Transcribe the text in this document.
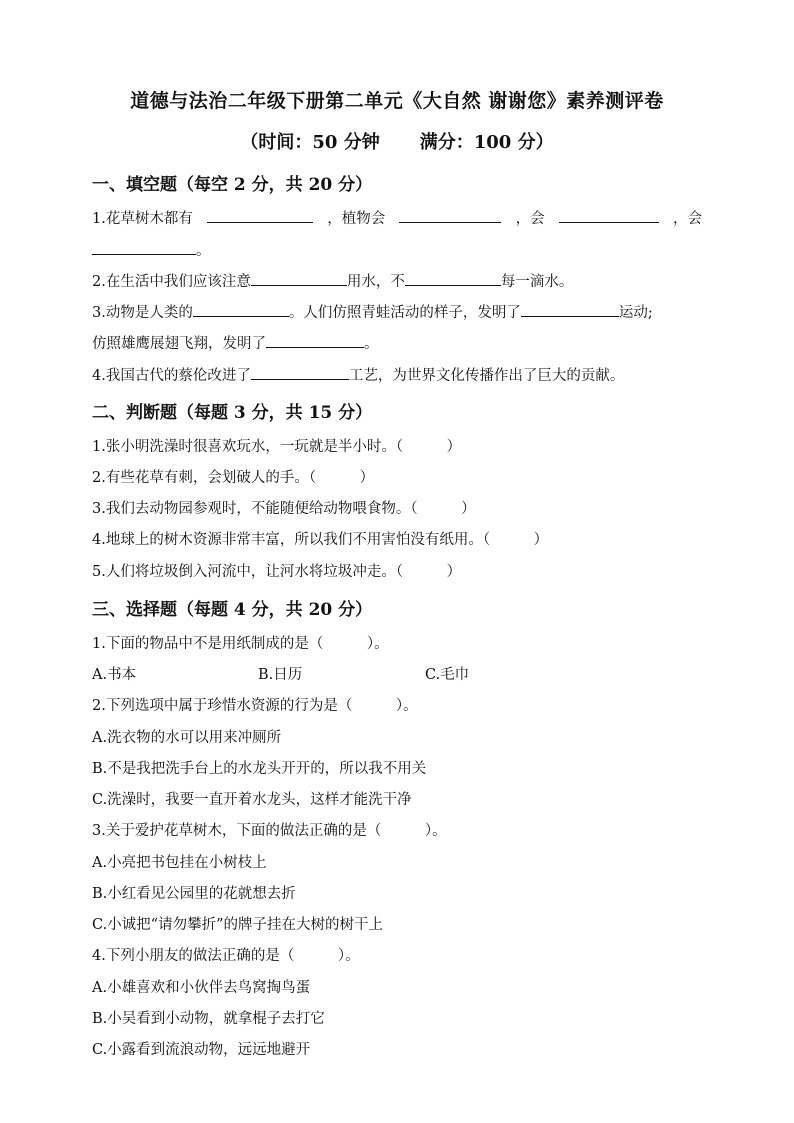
道德与法治二年级下册第二单元《大自然 谢谢您》素养测评卷
（时间：50 分钟 满分：100 分）
一、填空题（每空 2 分，共 20 分）
1.花草树木都有	，植物会	，会	，会
。
2.在生活中我们应该注意	用水，不	每一滴水。
3.动物是人类的	。人们仿照青蛙活动的样子，发明了	运动;
仿照雄鹰展翅飞翔，发明了	。
4.我国古代的蔡伦改进了	工艺，为世界文化传播作出了巨大的贡献。
二、判断题（每题 3 分，共 15 分）
1.张小明洗澡时很喜欢玩水，一玩就是半小时。（　　　）
2.有些花草有刺，会划破人的手。（　　　）
3.我们去动物园参观时，不能随便给动物喂食物。（　　　）
4.地球上的树木资源非常丰富，所以我们不用害怕没有纸用。（　　　）
5.人们将垃圾倒入河流中，让河水将垃圾冲走。（　　　）
三、选择题（每题 4 分，共 20 分）
1.下面的物品中不是用纸制成的是（　　　）。
A.书本	B.日历	C.毛巾
2.下列选项中属于珍惜水资源的行为是（　　　）。
A.洗衣物的水可以用来冲厕所
B.不是我把洗手台上的水龙头开开的，所以我不用关
C.洗澡时，我要一直开着水龙头，这样才能洗干净
3.关于爱护花草树木，下面的做法正确的是（　　　）。
A.小亮把书包挂在小树枝上
B.小红看见公园里的花就想去折
C.小诚把“请勿攀折”的牌子挂在大树的树干上
4.下列小朋友的做法正确的是（　　　）。
A.小雄喜欢和小伙伴去鸟窝掏鸟蛋
B.小吴看到小动物，就拿棍子去打它
C.小露看到流浪动物，远远地避开
